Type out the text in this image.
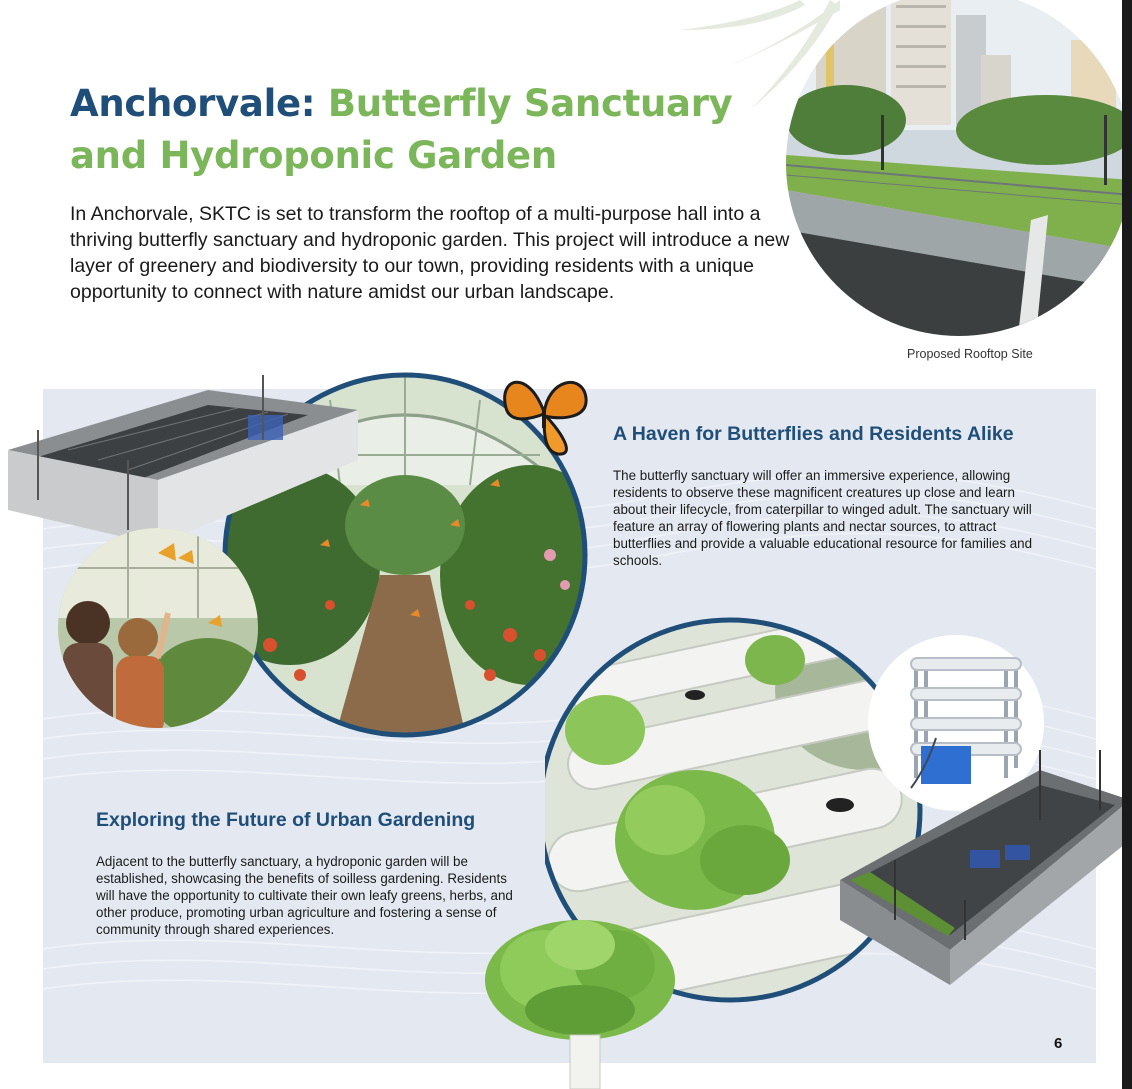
Anchorvale: Butterfly Sanctuary and Hydroponic Garden

In Anchorvale, SKTC is set to transform the rooftop of a multi-purpose hall into a thriving butterfly sanctuary and hydroponic garden. This project will introduce a new layer of greenery and biodiversity to our town, providing residents with a unique opportunity to connect with nature amidst our urban landscape.

Proposed Rooftop Site
A Haven for Butterflies and Residents Alike

The butterfly sanctuary will offer an immersive experience, allowing residents to observe these magnificent creatures up close and learn about their lifecycle, from caterpillar to winged adult. The sanctuary will feature an array of flowering plants and nectar sources, to attract butterflies and provide a valuable educational resource for families and schools.

Exploring the Future of Urban Gardening

Adjacent to the butterfly sanctuary, a hydroponic garden will be established, showcasing the benefits of soilless gardening. Residents will have the opportunity to cultivate their own leafy greens, herbs, and other produce, promoting urban agriculture and fostering a sense of community through shared experiences.

6
